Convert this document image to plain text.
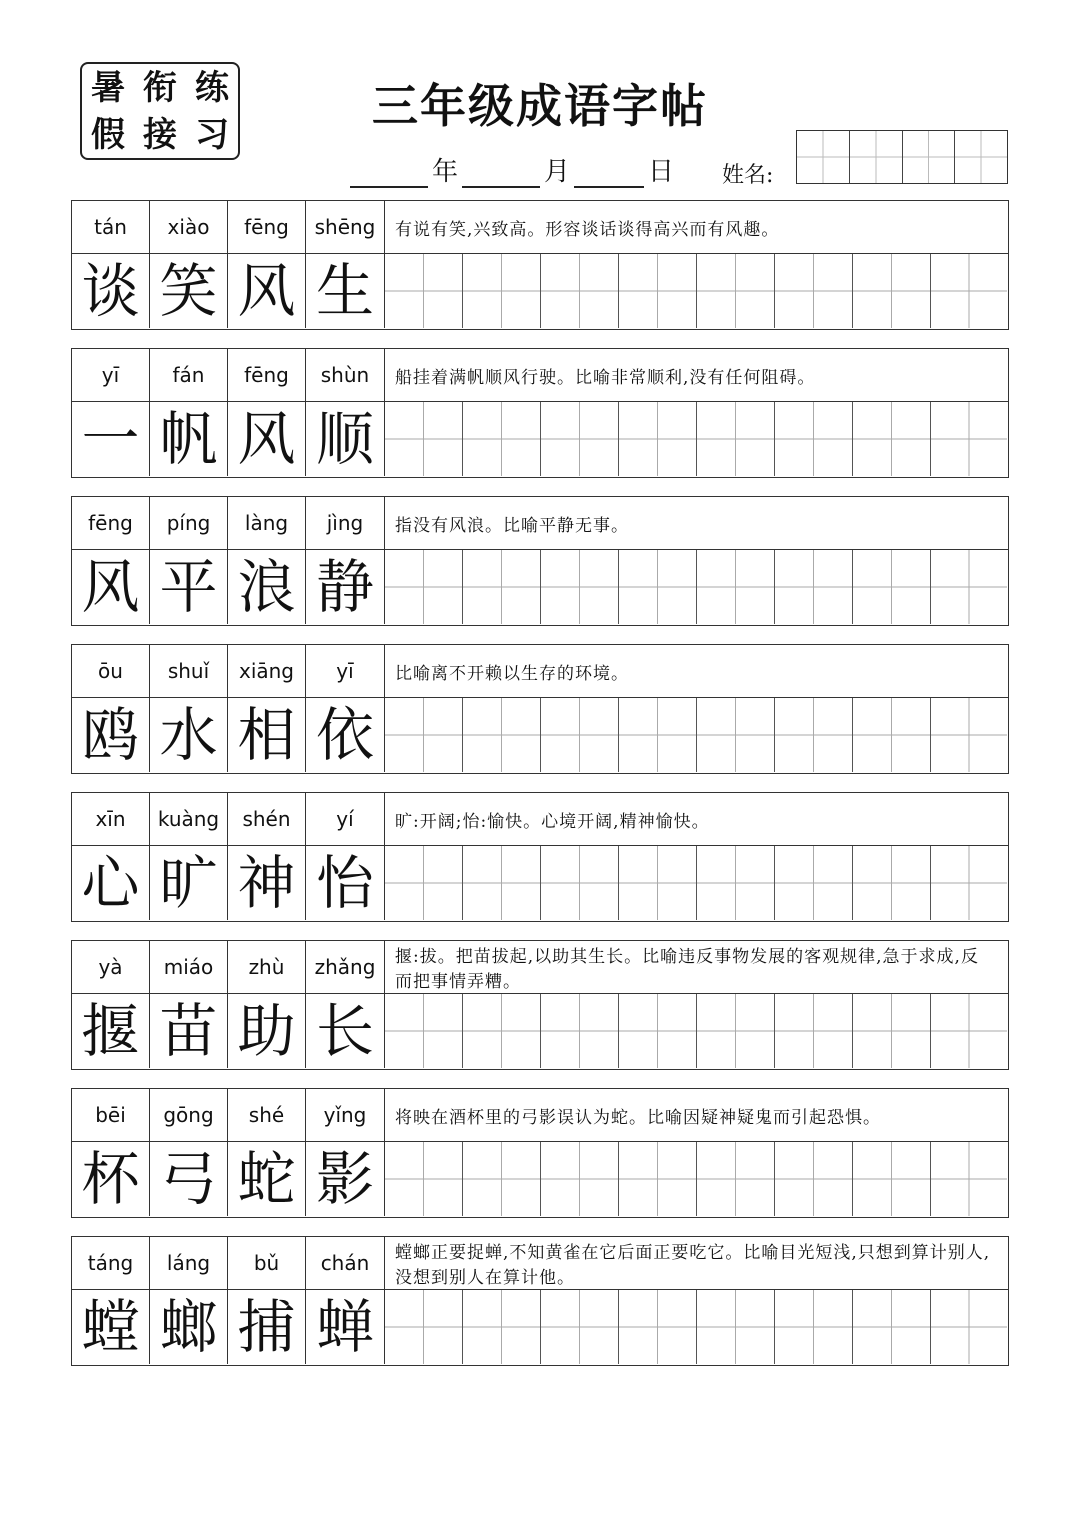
暑 衔 练
假 接 习
三年级成语字帖
年	月	日 姓名:
tán	xiào	fēng	shēng	有说有笑,兴致高。形容谈话谈得高兴而有风趣。
谈 笑 风 生
yī	fán	fēng	shùn	船挂着满帆顺风行驶。比喻非常顺利,没有任何阻碍。
一 帆 风 顺
fēng	píng	làng	jìng	指没有风浪。比喻平静无事。
风 平 浪 静
ōu	shuǐ	xiāng	yī	比喻离不开赖以生存的环境。
鸥 水 相 依
xīn	kuàng	shén	yí	旷:开阔;怡:愉快。心境开阔,精神愉快。
心 旷 神 怡
yà	miáo	zhù	zhǎng	揠:拔。把苗拔起,以助其生长。比喻违反事物发展的客观规律,急于求成,反而把事情弄糟。
揠 苗 助 长
bēi	gōng	shé	yǐng	将映在酒杯里的弓影误认为蛇。比喻因疑神疑鬼而引起恐惧。
杯 弓 蛇 影
táng	láng	bǔ	chán	螳螂正要捉蝉,不知黄雀在它后面正要吃它。比喻目光短浅,只想到算计别人,没想到别人在算计他。
螳 螂 捕 蝉
